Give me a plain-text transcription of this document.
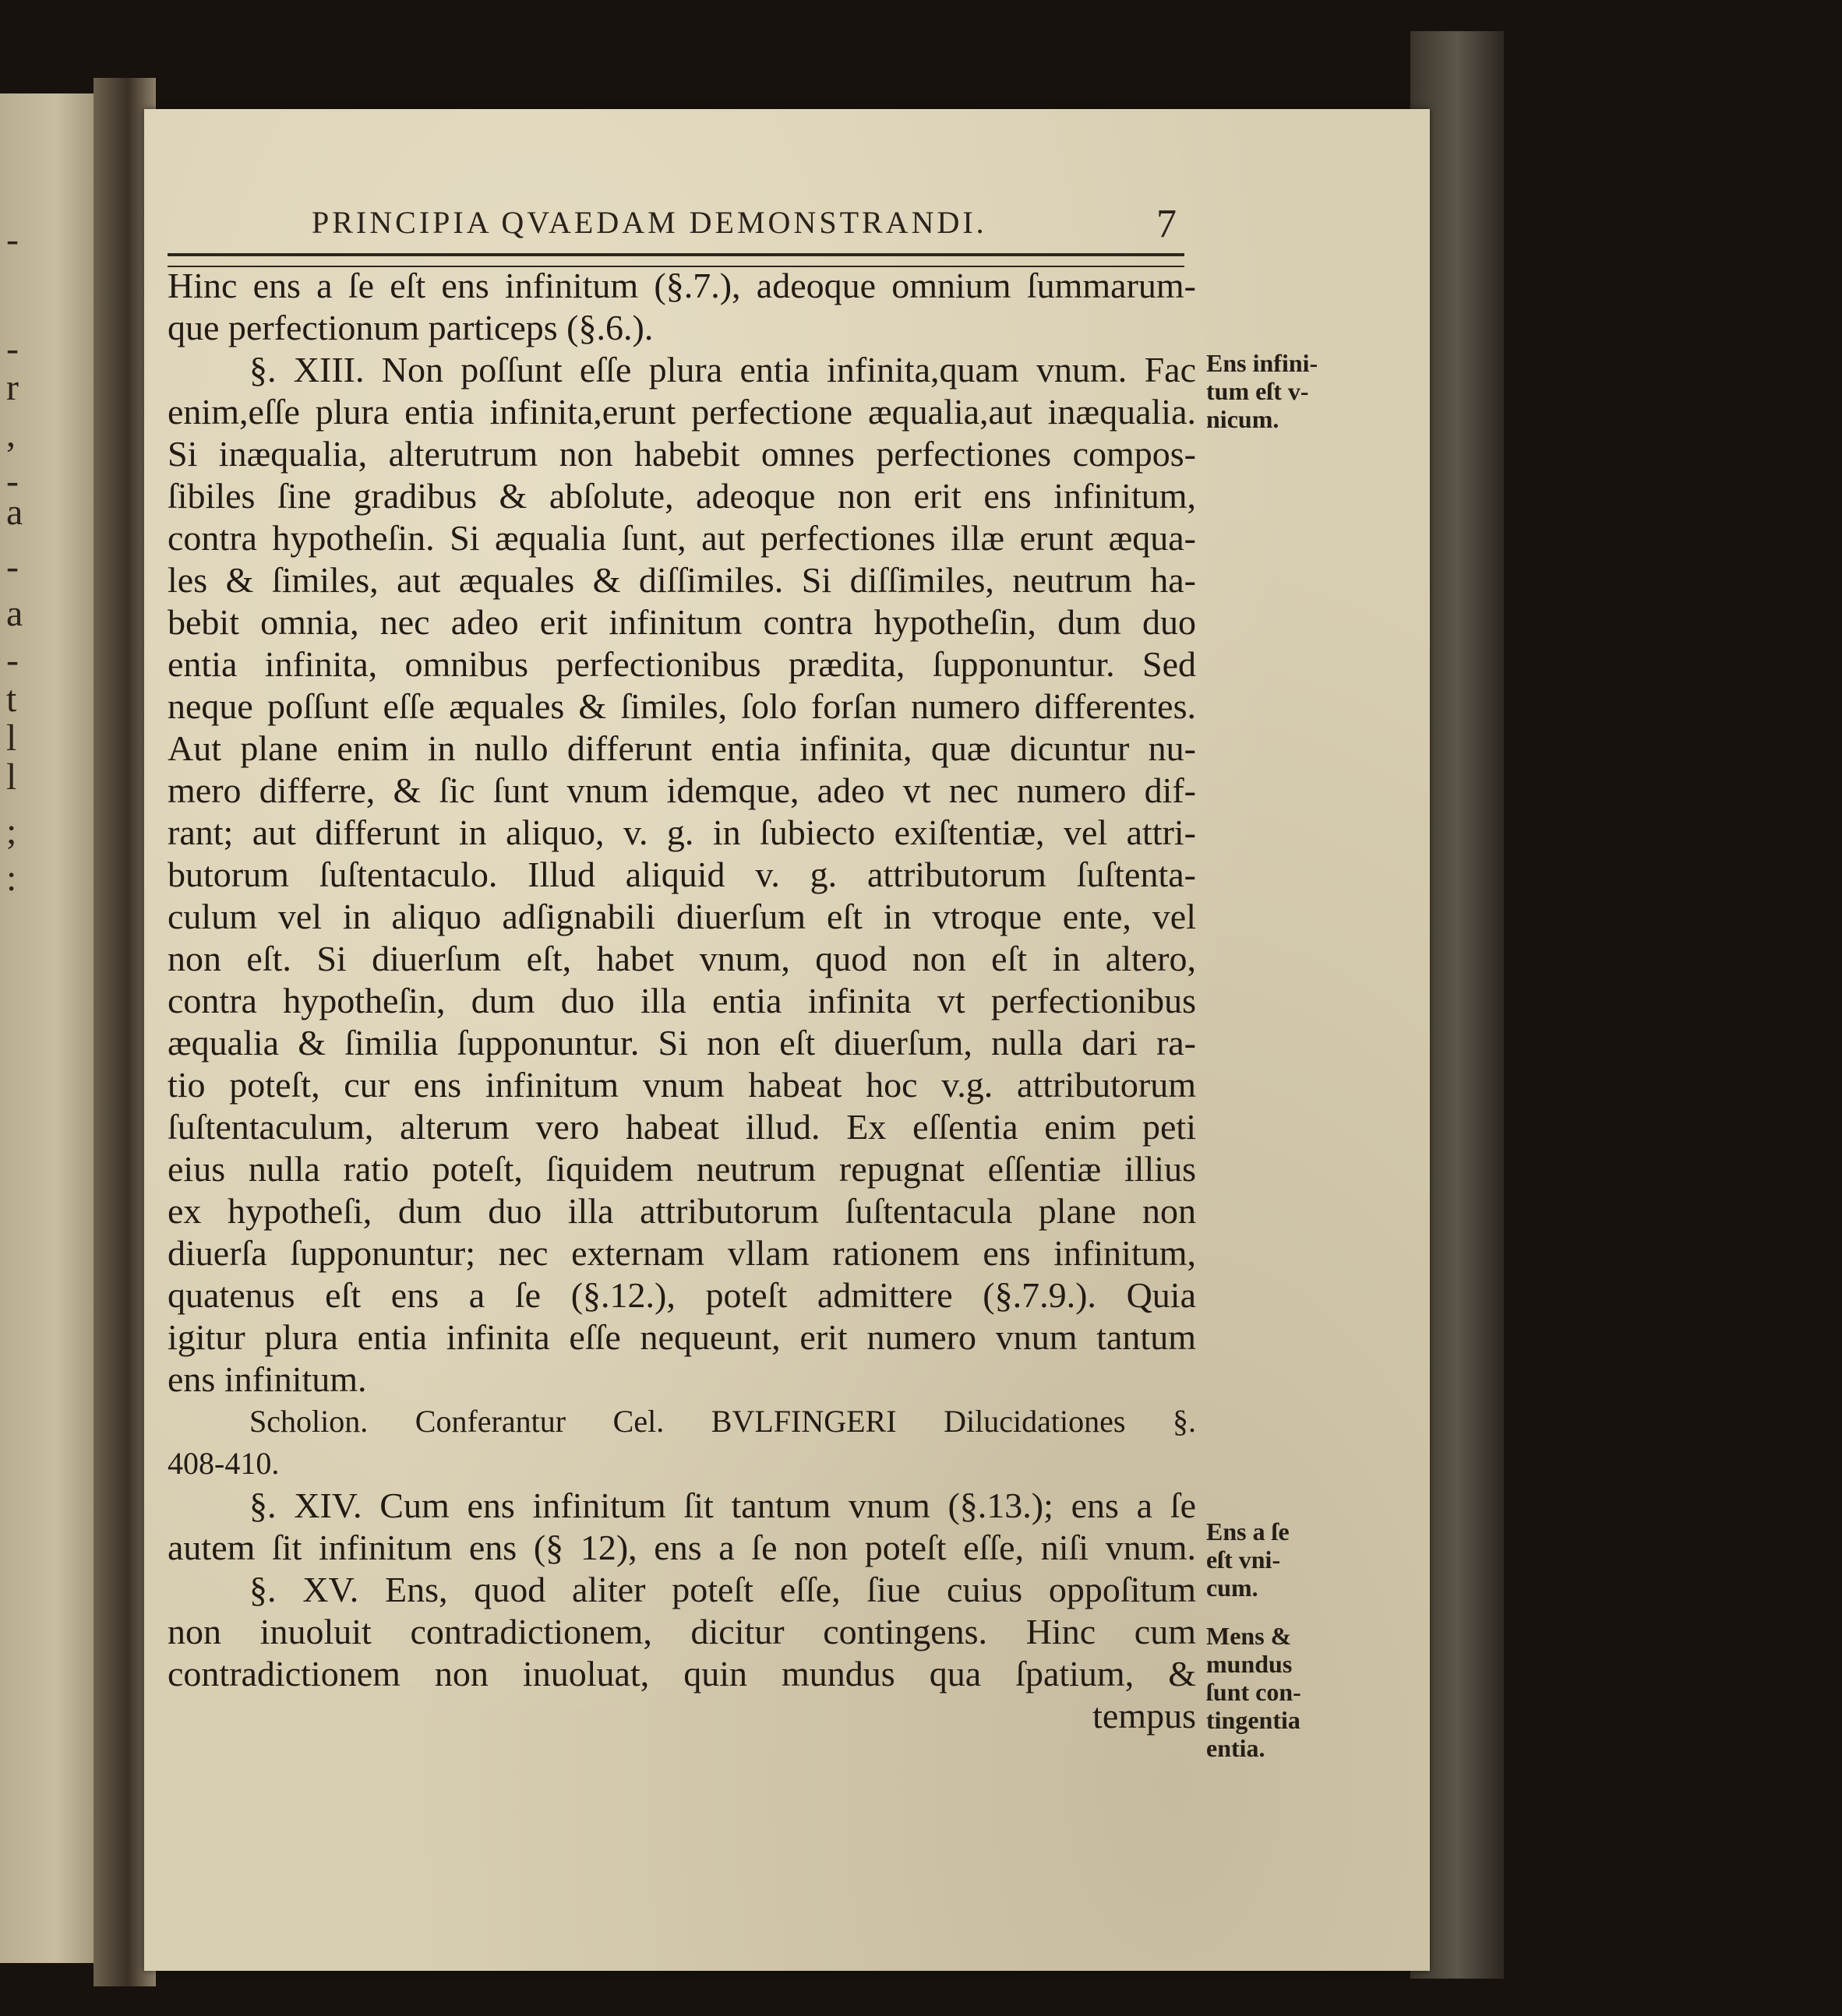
-
-
r
,
-
a
-
a
-
t
l
l
;
:
PRINCIPIA QVAEDAM DEMONSTRANDI.	7
Hinc ens a ſe eſt ens infinitum (§.7.), adeoque omnium ſummarum-
que perfectionum particeps (§.6.).
§. XIII. Non poſſunt eſſe plura entia infinita,quam vnum. Fac
enim,eſſe plura entia infinita,erunt perfectione æqualia,aut inæqualia.
Si inæqualia, alterutrum non habebit omnes perfectiones compos-
ſibiles ſine gradibus & abſolute, adeoque non erit ens infinitum,
contra hypotheſin. Si æqualia ſunt, aut perfectiones illæ erunt æqua-
les & ſimiles, aut æquales & diſſimiles. Si diſſimiles, neutrum ha-
bebit omnia, nec adeo erit infinitum contra hypotheſin, dum duo
entia infinita, omnibus perfectionibus prædita, ſupponuntur. Sed
neque poſſunt eſſe æquales & ſimiles, ſolo forſan numero differentes.
Aut plane enim in nullo differunt entia infinita, quæ dicuntur nu-
mero differre, & ſic ſunt vnum idemque, adeo vt nec numero dif-
rant; aut differunt in aliquo, v. g. in ſubiecto exiſtentiæ, vel attri-
butorum ſuſtentaculo. Illud aliquid v. g. attributorum ſuſtenta-
culum vel in aliquo adſignabili diuerſum eſt in vtroque ente, vel
non eſt. Si diuerſum eſt, habet vnum, quod non eſt in altero,
contra hypotheſin, dum duo illa entia infinita vt perfectionibus
æqualia & ſimilia ſupponuntur. Si non eſt diuerſum, nulla dari ra-
tio poteſt, cur ens infinitum vnum habeat hoc v.g. attributorum
ſuſtentaculum, alterum vero habeat illud. Ex eſſentia enim peti
eius nulla ratio poteſt, ſiquidem neutrum repugnat eſſentiæ illius
ex hypotheſi, dum duo illa attributorum ſuſtentacula plane non
diuerſa ſupponuntur; nec externam vllam rationem ens infinitum,
quatenus eſt ens a ſe (§.12.), poteſt admittere (§.7.9.). Quia
igitur plura entia infinita eſſe nequeunt, erit numero vnum tantum
ens infinitum.
Scholion. Conferantur Cel. BVLFINGERI Dilucidationes §.
408-410.
§. XIV. Cum ens infinitum ſit tantum vnum (§.13.); ens a ſe
autem ſit infinitum ens (§ 12), ens a ſe non poteſt eſſe, niſi vnum.
§. XV. Ens, quod aliter poteſt eſſe, ſiue cuius oppoſitum
non inuoluit contradictionem, dicitur contingens. Hinc cum
contradictionem non inuoluat, quin mundus qua ſpatium, &
tempus
Ens infini-
tum eſt v-
nicum.
Ens a ſe
eſt vni-
cum.
Mens &
mundus
ſunt con-
tingentia
entia.
